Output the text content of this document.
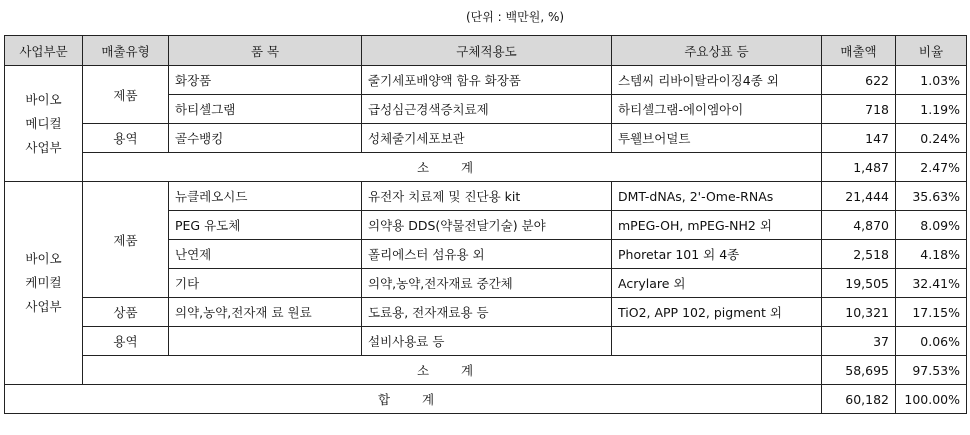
(단위 : 백만원, %)
사업부문	매출유형	품 목	구체적용도	주요상표 등	매출액	비율
바이오
메디컬
사업부	제품	화장품	줄기세포배양액 함유 화장품	스템씨 리바이탈라이징4종 외	622	1.03%
		하티셀그램	급성심근경색증치료제	하티셀그램-에이엠아이	718	1.19%
	용역	골수뱅킹	성체줄기세포보관	투웰브어덜트	147	0.24%
	소 계				1,487	2.47%
바이오
케미컬
사업부	제품	뉴클레오시드	유전자 치료제 및 진단용 kit	DMT-dNAs, 2'-Ome-RNAs	21,444	35.63%
		PEG 유도체	의약용 DDS(약물전달기술) 분야	mPEG-OH, mPEG-NH2 외	4,870	8.09%
		난연제	폴리에스터 섬유용 외	Phoretar 101 외 4종	2,518	4.18%
		기타	의약,농약,전자재료 중간체	Acrylare 외	19,505	32.41%
	상품	의약,농약,전자재 료 원료	도료용, 전자재료용 등	TiO2, APP 102, pigment 외	10,321	17.15%
	용역		설비사용료 등		37	0.06%
	소 계				58,695	97.53%
합 계					60,182	100.00%
